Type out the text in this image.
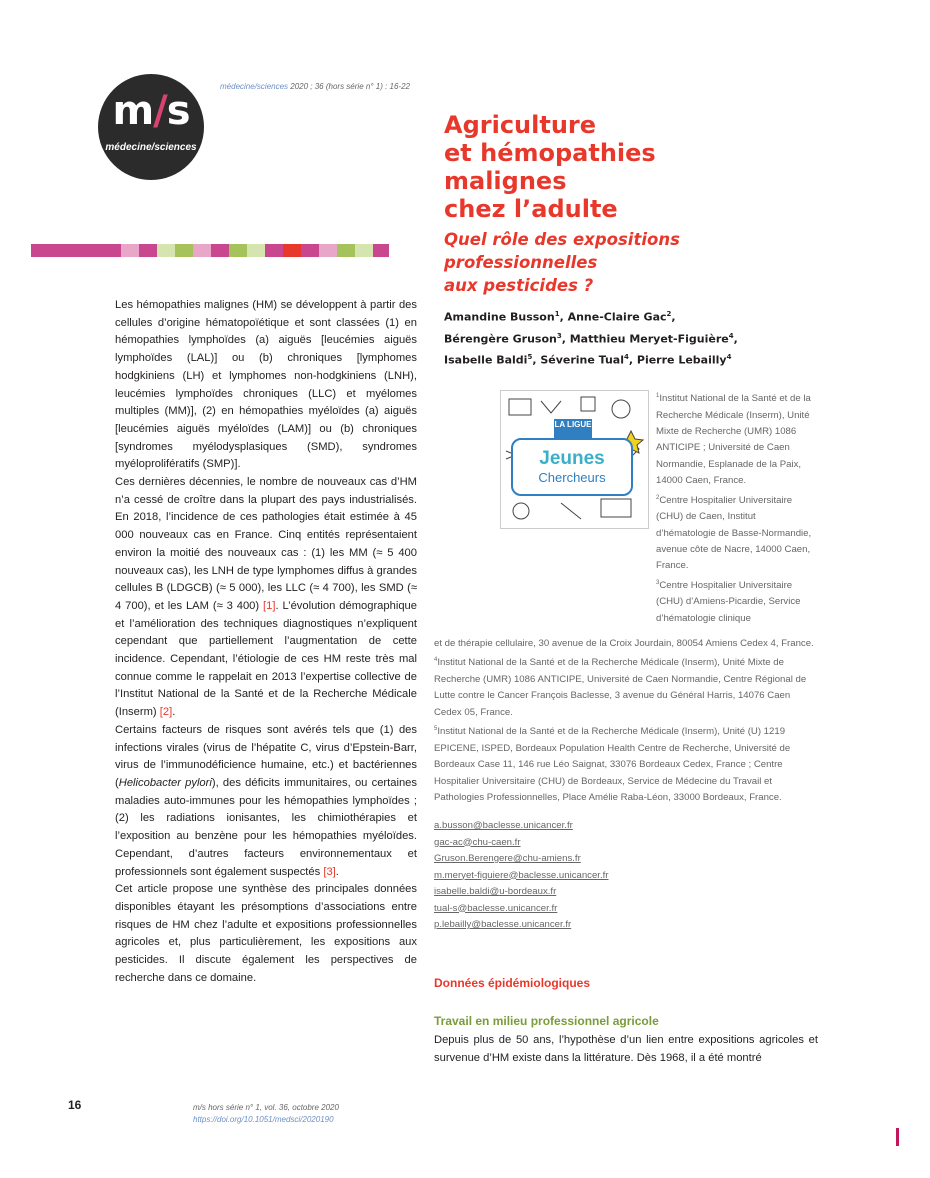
m/s
médecine/sciences
médecine/sciences 2020 ; 36 (hors série n° 1) : 16-22
Agriculture
et hémopathies
malignes
chez l’adulte
Quel rôle des expositions
professionnelles
aux pesticides ?
Amandine Busson$^1$, Anne-Claire Gac$^2$,
Bérengère Gruson$^3$, Matthieu Meryet-Figuière$^4$,
Isabelle Baldi$^5$, Séverine Tual$^4$, Pierre Lebailly$^4$

Les hémopathies malignes (HM) se développent à partir des cellules d’origine hématopoïétique et sont classées (1) en hémopathies lymphoïdes (a) aiguës [leucémies aiguës lymphoïdes (LAL)] ou (b) chroniques [lymphomes hodgkiniens (LH) et lymphomes non-hodgkiniens (LNH), leucémies lymphoïdes chroniques (LLC) et myélomes multiples (MM)], (2) en hémopathies myéloïdes (a) aiguës [leucémies aiguës myéloïdes (LAM)] ou (b) chroniques [syndromes myélodysplasiques (SMD), syndromes myéloprolifératifs (SMP)].

Ces dernières décennies, le nombre de nouveaux cas d’HM n’a cessé de croître dans la plupart des pays industrialisés. En 2018, l’incidence de ces pathologies était estimée à 45 000 nouveaux cas en France. Cinq entités représentaient environ la moitié des nouveaux cas : (1) les MM (≈ 5 400 nouveaux cas), les LNH de type lymphomes diffus à grandes cellules B (LDGCB) (≈ 5 000), les LLC (≈ 4 700), les SMD (≈ 4 700), et les LAM (≈ 3 400) [1]. L’évolution démographique et l’amélioration des techniques diagnostiques n’expliquent cependant que partiellement l’augmentation de cette incidence. Cependant, l’étiologie de ces HM reste très mal connue comme le rappelait en 2013 l’expertise collective de l’Institut National de la Santé et de la Recherche Médicale (Inserm) [2].

Certains facteurs de risques sont avérés tels que (1) des infections virales (virus de l’hépatite C, virus d’Epstein-Barr, virus de l’immunodéficience humaine, etc.) et bactériennes (Helicobacter pylori), des déficits immunitaires, ou certaines maladies auto-immunes pour les hémopathies lymphoïdes ; (2) les radiations ionisantes, les chimiothérapies et l’exposition au benzène pour les hémopathies myéloïdes. Cependant, d’autres facteurs environnementaux et professionnels sont également suspectés [3].

Cet article propose une synthèse des principales données disponibles étayant les présomptions d’associations entre risques de HM chez l’adulte et expositions professionnelles agricoles et, plus particulièrement, les expositions aux pesticides. Il discute également les perspectives de recherche dans ce domaine.

LA LIGUE
Jeunes
Chercheurs

$^1$Institut National de la Santé et de la Recherche Médicale (Inserm), Unité Mixte de Recherche (UMR) 1086 ANTICIPE ; Université de Caen Normandie, Esplanade de la Paix, 14000 Caen, France.

$^2$Centre Hospitalier Universitaire (CHU) de Caen, Institut d’hématologie de Basse-Normandie, avenue côte de Nacre, 14000 Caen, France.

$^3$Centre Hospitalier Universitaire (CHU) d’Amiens-Picardie, Service d’hématologie clinique

et de thérapie cellulaire, 30 avenue de la Croix Jourdain, 80054 Amiens Cedex 4, France.

$^4$Institut National de la Santé et de la Recherche Médicale (Inserm), Unité Mixte de Recherche (UMR) 1086 ANTICIPE, Université de Caen Normandie, Centre Régional de Lutte contre le Cancer François Baclesse, 3 avenue du Général Harris, 14076 Caen Cedex 05, France.

$^5$Institut National de la Santé et de la Recherche Médicale (Inserm), Unité (U) 1219 EPICENE, ISPED, Bordeaux Population Health Centre de Recherche, Université de Bordeaux Case 11, 146 rue Léo Saignat, 33076 Bordeaux Cedex, France ; Centre Hospitalier Universitaire (CHU) de Bordeaux, Service de Médecine du Travail et Pathologies Professionnelles, Place Amélie Raba-Léon, 33000 Bordeaux, France.

a.busson@baclesse.unicancer.fr
gac-ac@chu-caen.fr
Gruson.Berengere@chu-amiens.fr
m.meryet-figuiere@baclesse.unicancer.fr
isabelle.baldi@u-bordeaux.fr
tual-s@baclesse.unicancer.fr
p.lebailly@baclesse.unicancer.fr
Données épidémiologiques
Travail en milieu professionnel agricole
Depuis plus de 50 ans, l’hypothèse d’un lien entre expositions agricoles et survenue d’HM existe dans la littérature. Dès 1968, il a été montré
16	m/s hors série n° 1, vol. 36, octobre 2020
https://doi.org/10.1051/medsci/2020190
